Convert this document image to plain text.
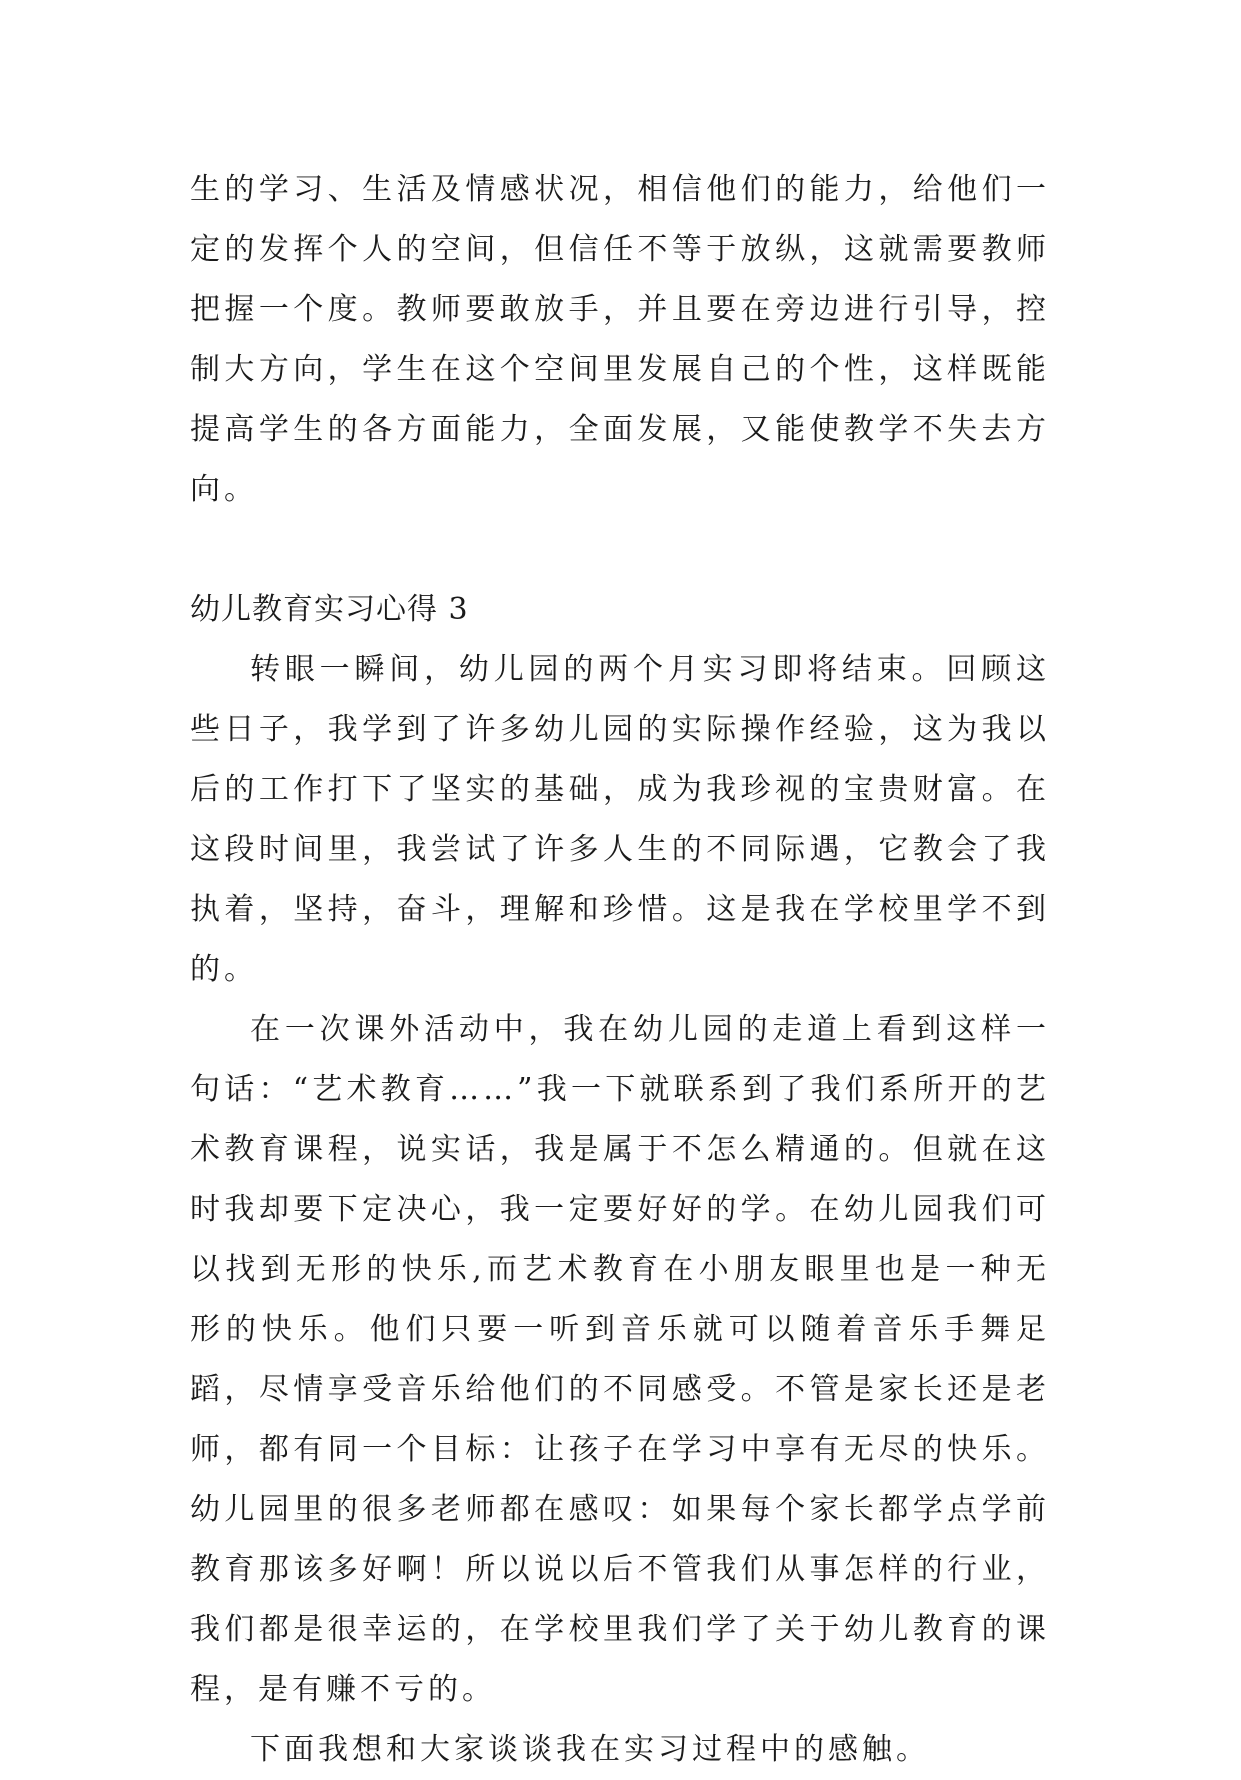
生的学习、生活及情感状况，相信他们的能力，给他们一定的发挥个人的空间，但信任不等于放纵，这就需要教师把握一个度。教师要敢放手，并且要在旁边进行引导，控制大方向，学生在这个空间里发展自己的个性，这样既能提高学生的各方面能力，全面发展，又能使教学不失去方向。

幼儿教育实习心得 3

转眼一瞬间，幼儿园的两个月实习即将结束。回顾这些日子，我学到了许多幼儿园的实际操作经验，这为我以后的工作打下了坚实的基础，成为我珍视的宝贵财富。在这段时间里，我尝试了许多人生的不同际遇，它教会了我执着，坚持，奋斗，理解和珍惜。这是我在学校里学不到的。

在一次课外活动中，我在幼儿园的走道上看到这样一句话：“艺术教育……”我一下就联系到了我们系所开的艺术教育课程，说实话，我是属于不怎么精通的。但就在这时我却要下定决心，我一定要好好的学。在幼儿园我们可以找到无形的快乐,而艺术教育在小朋友眼里也是一种无形的快乐。他们只要一听到音乐就可以随着音乐手舞足蹈，尽情享受音乐给他们的不同感受。不管是家长还是老师，都有同一个目标：让孩子在学习中享有无尽的快乐。幼儿园里的很多老师都在感叹：如果每个家长都学点学前教育那该多好啊！所以说以后不管我们从事怎样的行业，我们都是很幸运的，在学校里我们学了关于幼儿教育的课程，是有赚不亏的。

下面我想和大家谈谈我在实习过程中的感触。
